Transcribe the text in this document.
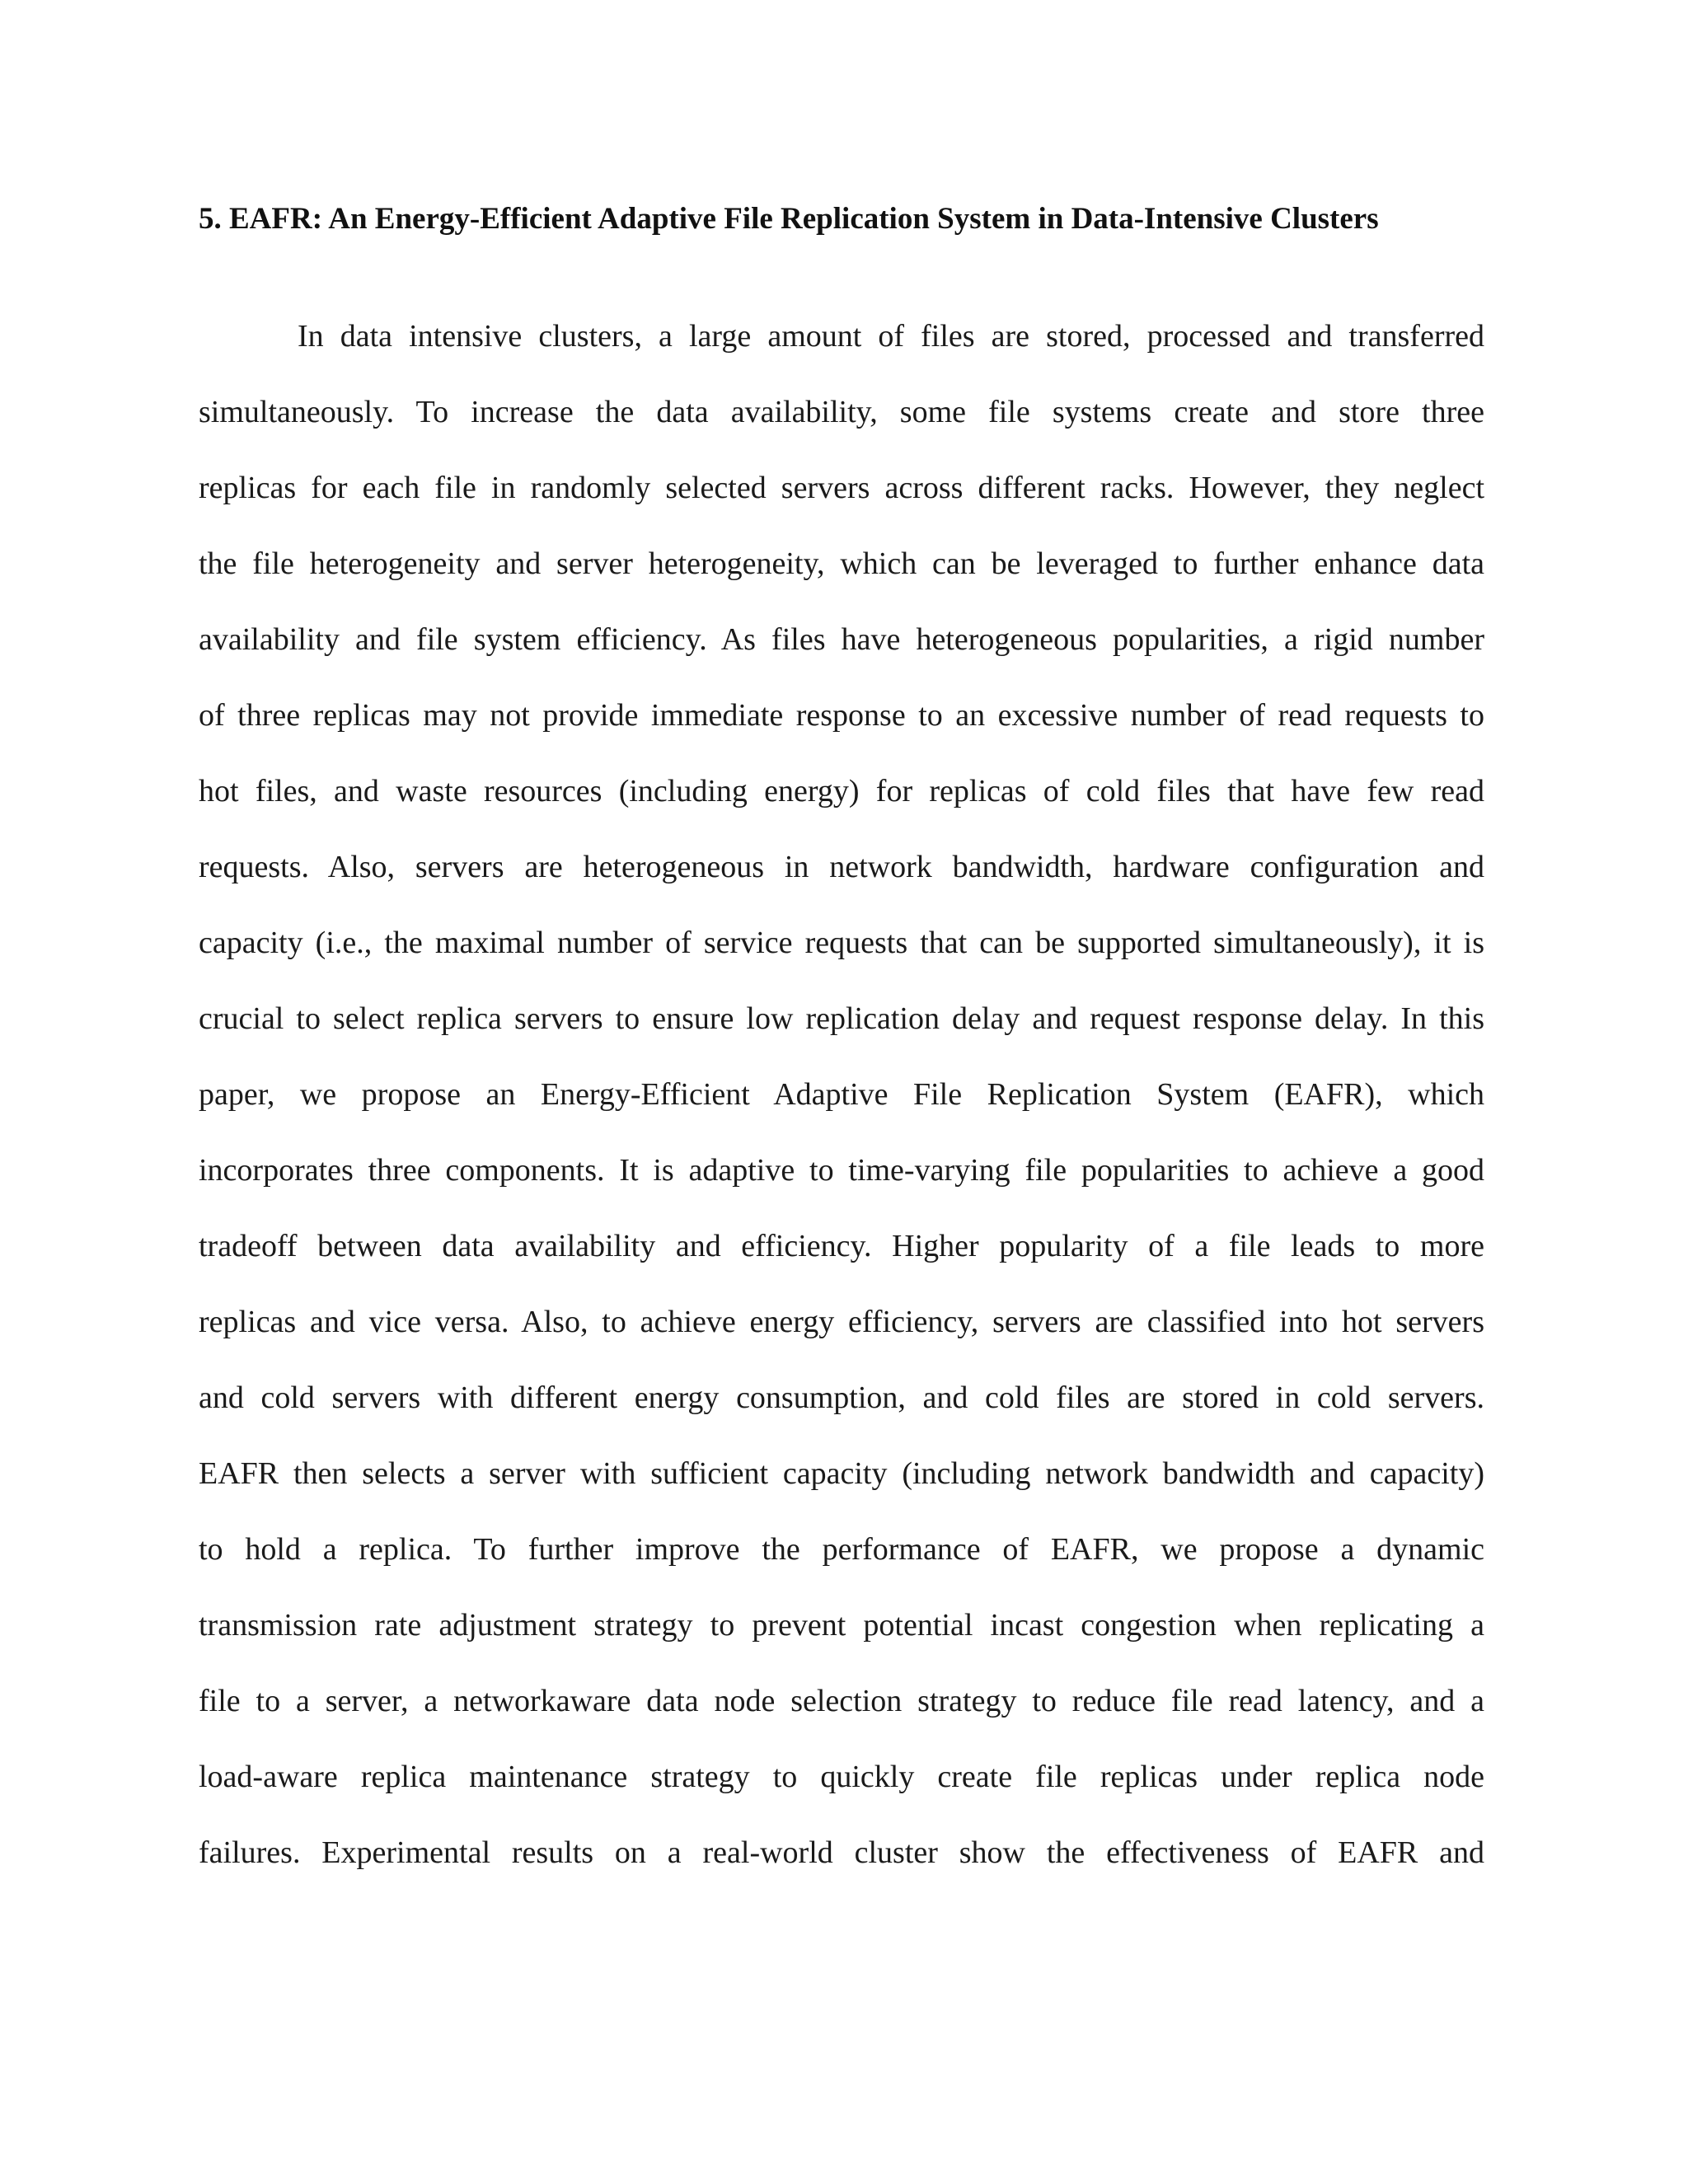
5. EAFR: An Energy-Efficient Adaptive File Replication System in Data-Intensive Clusters
In data intensive clusters, a large amount of files are stored, processed and transferred
simultaneously. To increase the data availability, some file systems create and store three
replicas for each file in randomly selected servers across different racks. However, they neglect
the file heterogeneity and server heterogeneity, which can be leveraged to further enhance data
availability and file system efficiency. As files have heterogeneous popularities, a rigid number
of three replicas may not provide immediate response to an excessive number of read requests to
hot files, and waste resources (including energy) for replicas of cold files that have few read
requests. Also, servers are heterogeneous in network bandwidth, hardware configuration and
capacity (i.e., the maximal number of service requests that can be supported simultaneously), it is
crucial to select replica servers to ensure low replication delay and request response delay. In this
paper, we propose an Energy-Efficient Adaptive File Replication System (EAFR), which
incorporates three components. It is adaptive to time-varying file popularities to achieve a good
tradeoff between data availability and efficiency. Higher popularity of a file leads to more
replicas and vice versa. Also, to achieve energy efficiency, servers are classified into hot servers
and cold servers with different energy consumption, and cold files are stored in cold servers.
EAFR then selects a server with sufficient capacity (including network bandwidth and capacity)
to hold a replica. To further improve the performance of EAFR, we propose a dynamic
transmission rate adjustment strategy to prevent potential incast congestion when replicating a
file to a server, a networkaware data node selection strategy to reduce file read latency, and a
load-aware replica maintenance strategy to quickly create file replicas under replica node
failures. Experimental results on a real-world cluster show the effectiveness of EAFR and
